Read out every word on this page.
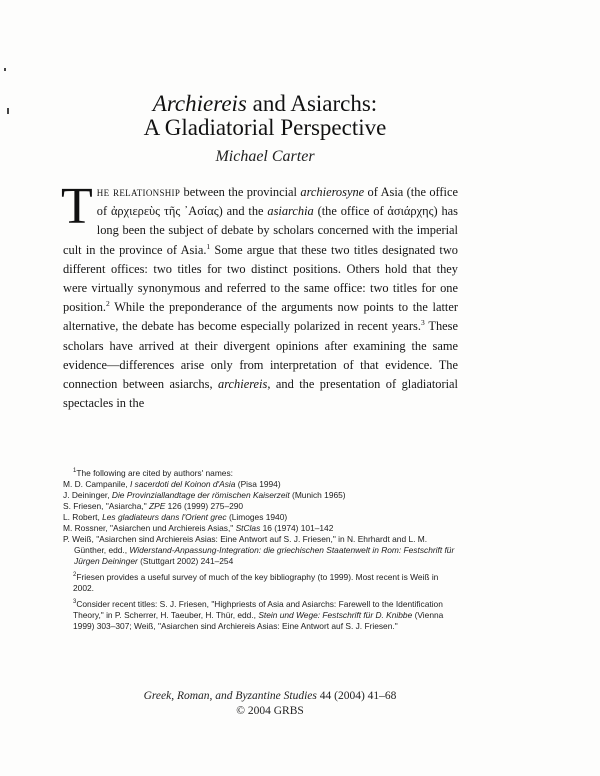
Archiereis and Asiarchs:
A Gladiatorial Perspective
Michael Carter
The relationship between the provincial archierosyne of Asia (the office of ἀρχιερεὺς τῆς ᾿Ασίας) and the asiarchia (the office of ἀσιάρχης) has long been the subject of debate by scholars concerned with the imperial cult in the province of Asia.$^1$ Some argue that these two titles designated two different offices: two titles for two distinct positions. Others hold that they were virtually synonymous and referred to the same office: two titles for one position.$^2$ While the preponderance of the arguments now points to the latter alternative, the debate has become especially polarized in recent years.$^3$ These scholars have arrived at their divergent opinions after examining the same evidence—differences arise only from interpretation of that evidence. The connection between asiarchs, archiereis, and the presentation of gladiatorial spectacles in the

$^1$The following are cited by authors' names:

M. D. Campanile, I sacerdoti del Koinon d'Asia (Pisa 1994)

J. Deininger, Die Provinziallandtage der römischen Kaiserzeit (Munich 1965)

S. Friesen, "Asiarcha," ZPE 126 (1999) 275–290

L. Robert, Les gladiateurs dans l'Orient grec (Limoges 1940)

M. Rossner, "Asiarchen und Archiereis Asias," StClas 16 (1974) 101–142

P. Weiß, "Asiarchen sind Archiereis Asias: Eine Antwort auf S. J. Friesen," in N. Ehrhardt and L. M. Günther, edd., Widerstand-Anpassung-Integration: die griechischen Staatenwelt in Rom: Festschrift für Jürgen Deininger (Stuttgart 2002) 241–254

$^2$Friesen provides a useful survey of much of the key bibliography (to 1999). Most recent is Weiß in 2002.

$^3$Consider recent titles: S. J. Friesen, "Highpriests of Asia and Asiarchs: Farewell to the Identification Theory," in P. Scherrer, H. Taeuber, H. Thür, edd., Stein und Wege: Festschrift für D. Knibbe (Vienna 1999) 303–307; Weiß, "Asiarchen sind Archiereis Asias: Eine Antwort auf S. J. Friesen."

Greek, Roman, and Byzantine Studies 44 (2004) 41–68
© 2004 GRBS
